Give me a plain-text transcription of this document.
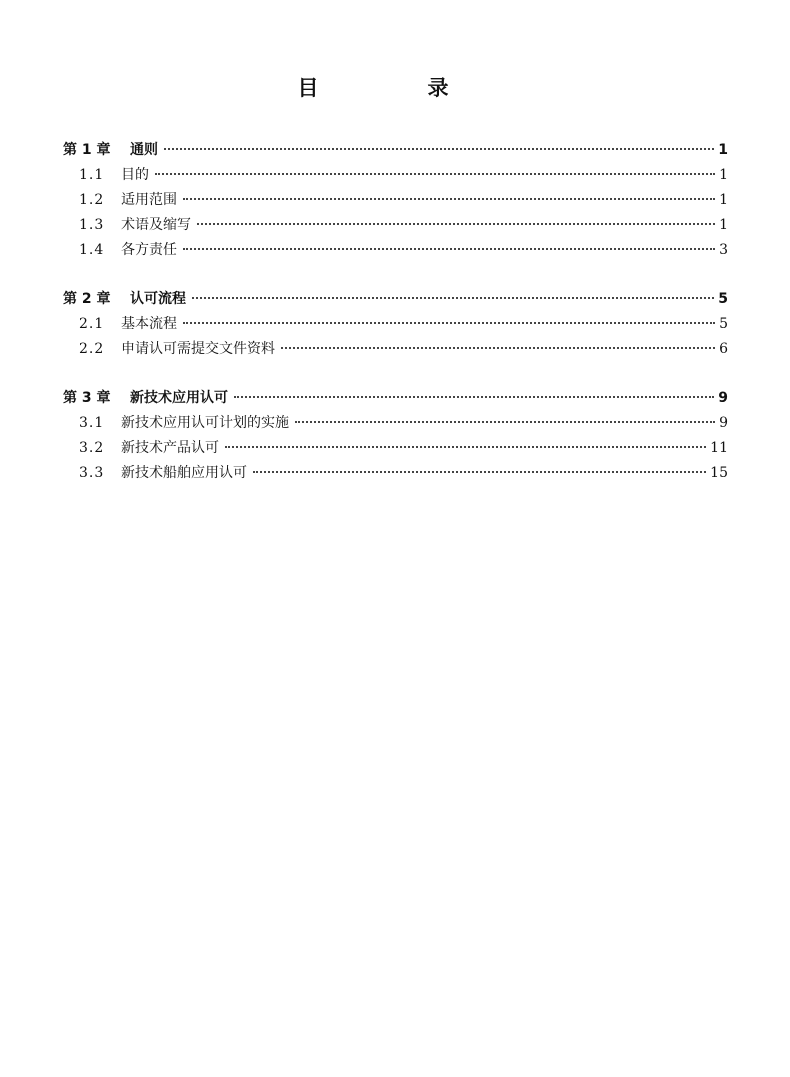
目　录
第 1 章	通则	1
1.1	目的	1
1.2	适用范围	1
1.3	术语及缩写	1
1.4	各方责任	3
第 2 章	认可流程	5
2.1	基本流程	5
2.2	申请认可需提交文件资料	6
第 3 章	新技术应用认可	9
3.1	新技术应用认可计划的实施	9
3.2	新技术产品认可	11
3.3	新技术船舶应用认可	15
